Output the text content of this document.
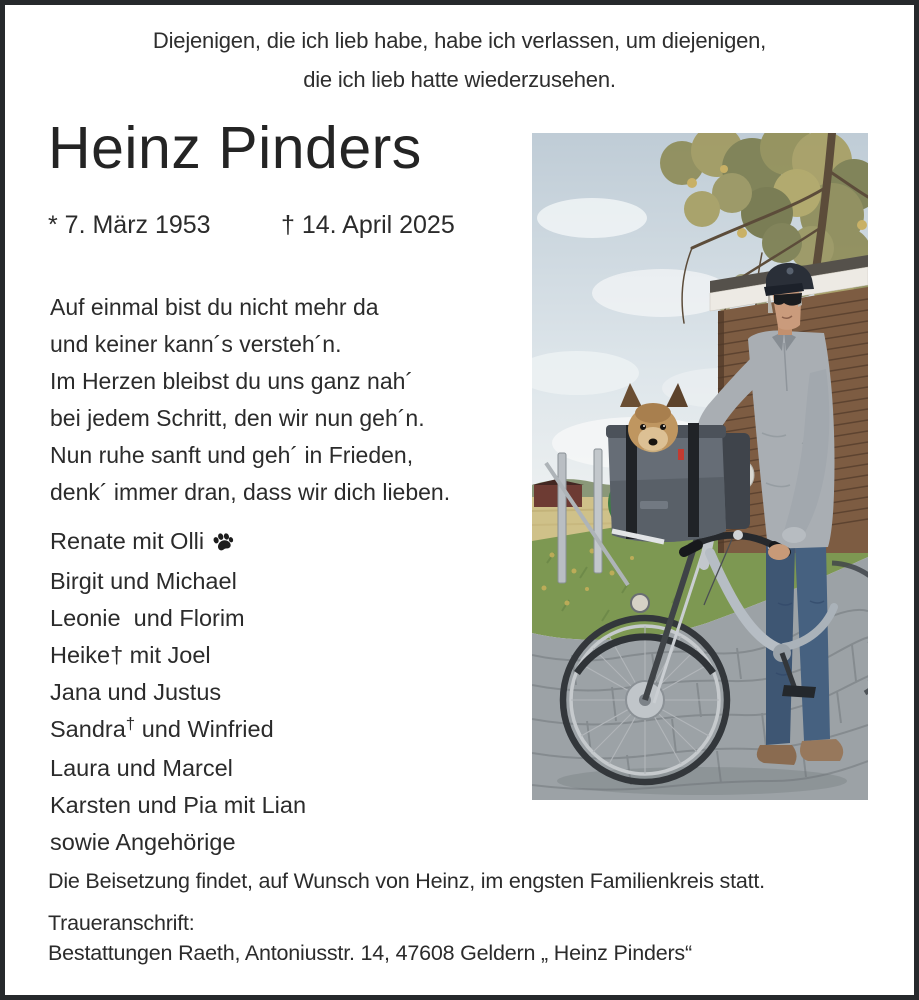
Diejenigen, die ich lieb habe, habe ich verlassen, um diejenigen,
die ich lieb hatte wiederzusehen.
Heinz Pinders
* 7. März 1953	† 14. April 2025
Auf einmal bist du nicht mehr da
und keiner kann´s versteh´n.
Im Herzen bleibst du uns ganz nah´
bei jedem Schritt, den wir nun geh´n.
Nun ruhe sanft und geh´ in Frieden,
denk´ immer dran, dass wir dich lieben.
Renate mit Olli
Birgit und Michael
Leonie  und Florim
Heike† mit Joel
Jana und Justus
Sandra† und Winfried
Laura und Marcel
Karsten und Pia mit Lian
sowie Angehörige
Die Beisetzung findet, auf Wunsch von Heinz, im engsten Familienkreis statt.
Traueranschrift:
Bestattungen Raeth, Antoniusstr. 14, 47608 Geldern „ Heinz Pinders“
